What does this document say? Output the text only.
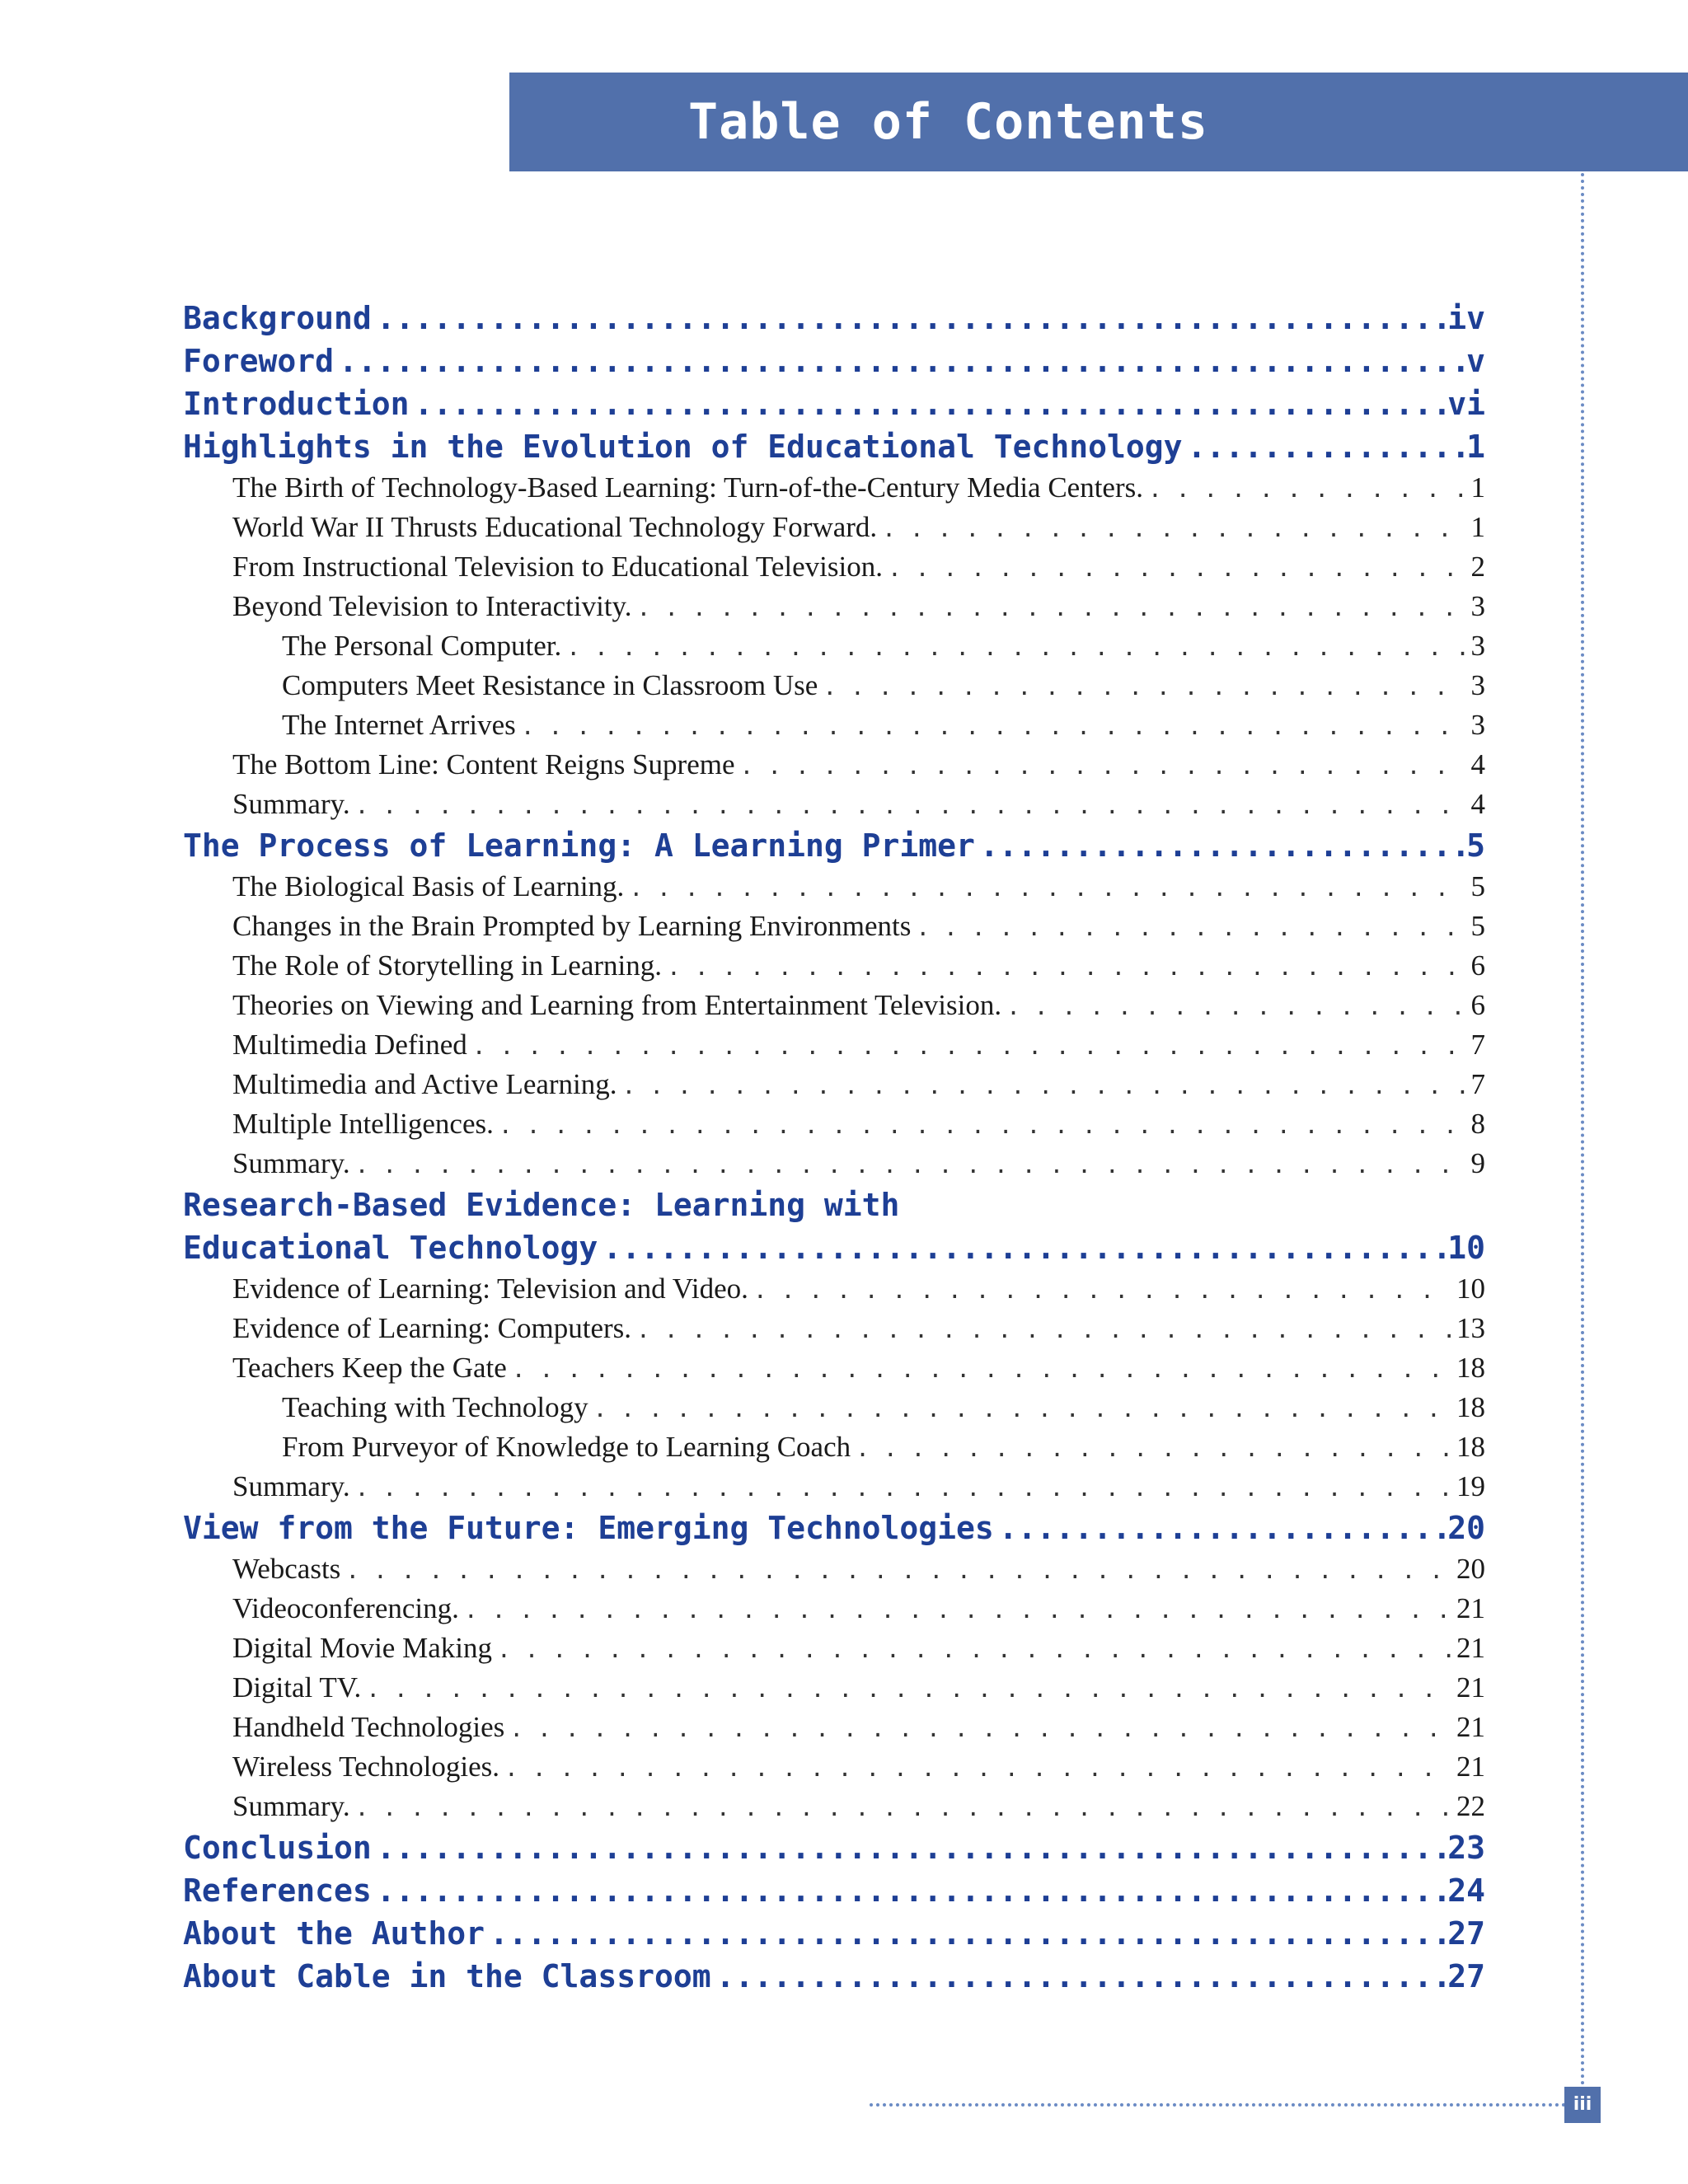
Table of Contents
iii
Background .....	iv
Foreword .....	v
Introduction .....	vi
Highlights in the Evolution of Educational Technology .....	1
The Birth of Technology-Based Learning: Turn-of-the-Century Media Centers. . . .	1
World War II Thrusts Educational Technology Forward. . . .	1
From Instructional Television to Educational Television. . . .	2
Beyond Television to Interactivity. . . .	3
The Personal Computer. . . .	3
Computers Meet Resistance in Classroom Use . . .	3
The Internet Arrives . . .	3
The Bottom Line: Content Reigns Supreme . . .	4
Summary. . . .	4
The Process of Learning: A Learning Primer .....	5
The Biological Basis of Learning. . . .	5
Changes in the Brain Prompted by Learning Environments . . .	5
The Role of Storytelling in Learning. . . .	6
Theories on Viewing and Learning from Entertainment Television. . . .	6
Multimedia Defined . . .	7
Multimedia and Active Learning. . . .	7
Multiple Intelligences. . . .	8
Summary. . . .	9
Research-Based Evidence: Learning with
Educational Technology .....	10
Evidence of Learning: Television and Video. . . .	10
Evidence of Learning: Computers. . . .	13
Teachers Keep the Gate . . .	18
Teaching with Technology . . .	18
From Purveyor of Knowledge to Learning Coach . . .	18
Summary. . . .	19
View from the Future: Emerging Technologies .....	20
Webcasts . . .	20
Videoconferencing. . . .	21
Digital Movie Making . . .	21
Digital TV. . . .	21
Handheld Technologies . . .	21
Wireless Technologies. . . .	21
Summary. . . .	22
Conclusion .....	23
References .....	24
About the Author .....	27
About Cable in the Classroom .....	27
